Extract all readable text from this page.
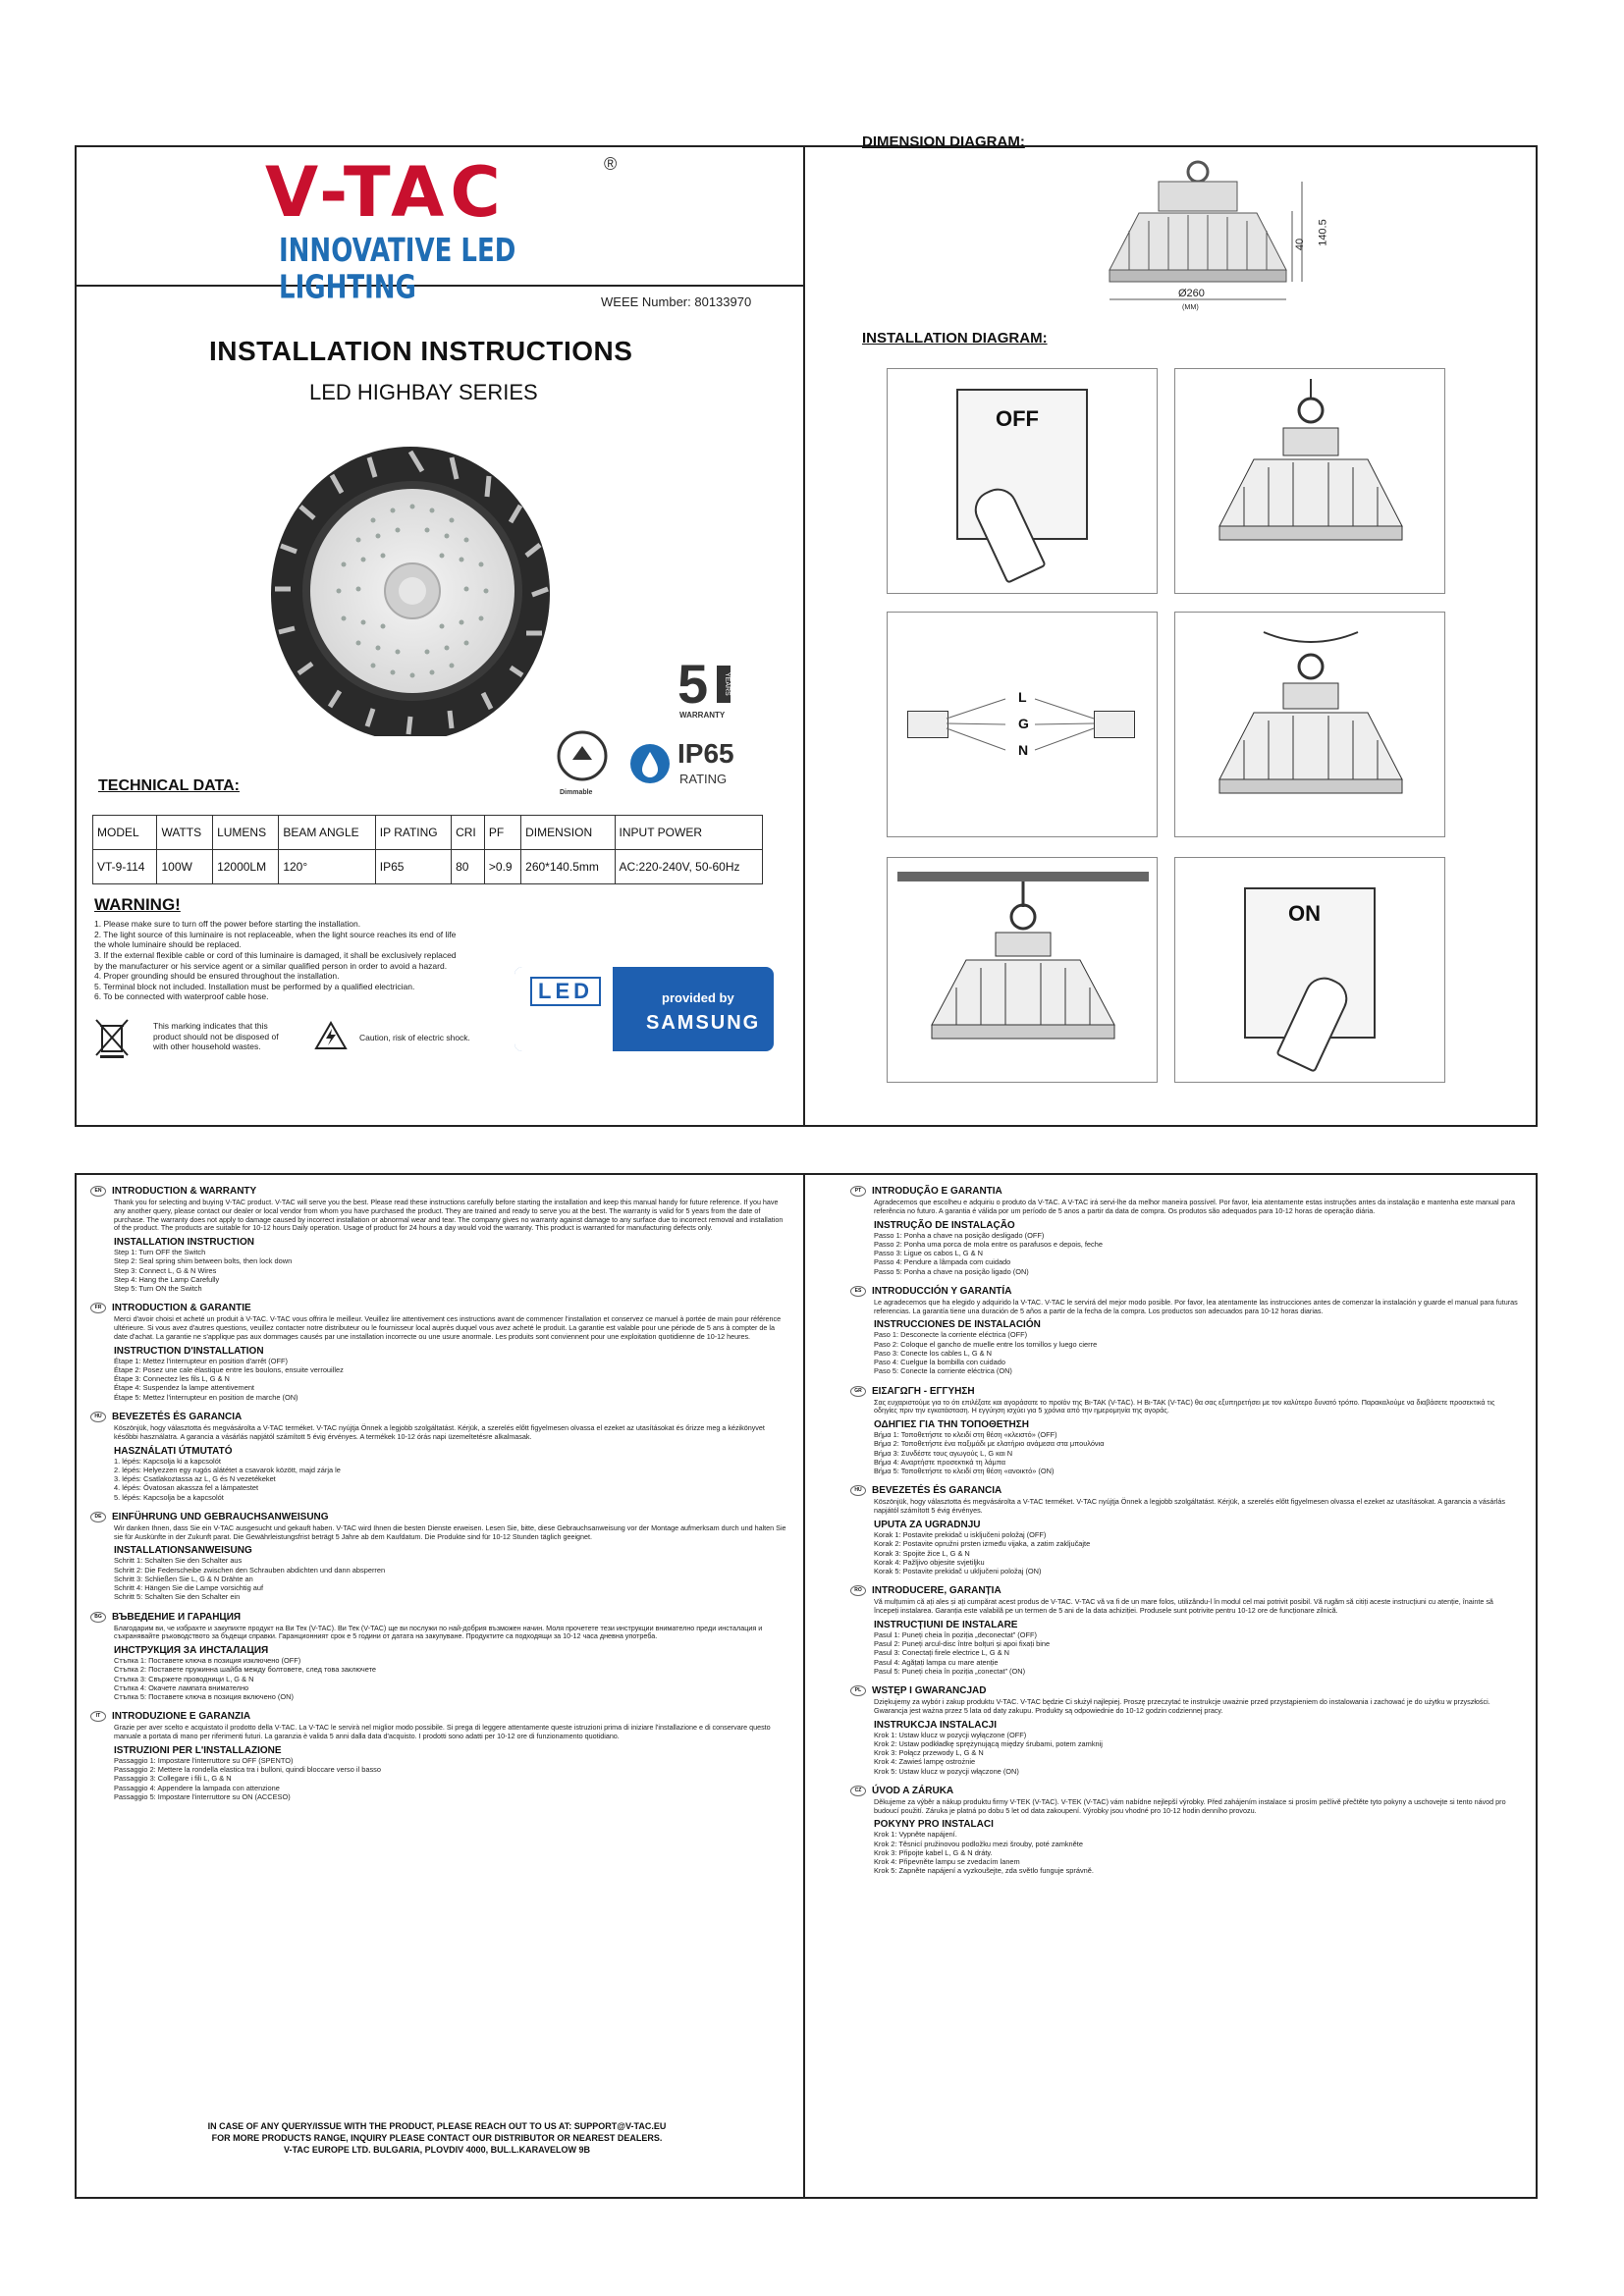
V-TAC	®
INNOVATIVE LED LIGHTING	WEEE Number: 80133970
INSTALLATION INSTRUCTIONS
LED HIGHBAY SERIES
5	YEARS
WARRANTY
Dimmable
IP65
RATING
TECHNICAL DATA:
MODEL	WATTS	LUMENS	BEAM ANGLE	IP RATING	CRI	PF	DIMENSION	INPUT POWER
VT-9-114	100W	12000LM	120°	IP65	80	>0.9	260*140.5mm	AC:220-240V, 50-60Hz
WARNING!
1. Please make sure to turn off the power before starting the installation.
2. The light source of this luminaire is not replaceable, when the light source reaches its end of life
the whole luminaire should be replaced.
3. If the external flexible cable or cord of this luminaire is damaged, it shall be exclusively replaced
by the manufacturer or his service agent or a similar qualified person in order to avoid a hazard.
4. Proper grounding should be ensured throughout the installation.
5. Terminal block not included. Installation must be performed by a qualified electrician.
6. To be connected with waterproof cable hose.
This marking indicates that this product should not be disposed of with other household wastes.
Caution, risk of electric shock.
LED	provided by
SAMSUNG
DIMENSION DIAGRAM:
Ø260
(MM)
140.5
40
INSTALLATION DIAGRAM:
OFF
L
G
N
ON
EN	INTRODUCTION & WARRANTY
Thank you for selecting and buying V-TAC product. V-TAC will serve you the best. Please read these instructions carefully before starting the installation and keep this manual handy for future reference. If you have any another query, please contact our dealer or local vendor from whom you have purchased the product. They are trained and ready to serve you at the best. The warranty is valid for 5 years from the date of purchase. The warranty does not apply to damage caused by incorrect installation or abnormal wear and tear. The company gives no warranty against damage to any surface due to incorrect removal and installation of the product. The products are suitable for 10-12 hours Daily operation. Usage of product for 24 hours a day would void the warranty. This product is warranted for manufacturing defects only.
INSTALLATION INSTRUCTION
Step 1: Turn OFF the Switch
Step 2: Seal spring shim between bolts, then lock down
Step 3: Connect L, G & N Wires
Step 4: Hang the Lamp Carefully
Step 5: Turn ON the Switch
FR	INTRODUCTION & GARANTIE
Merci d'avoir choisi et acheté un produit à V-TAC. V-TAC vous offrira le meilleur. Veuillez lire attentivement ces instructions avant de commencer l'installation et conservez ce manuel à portée de main pour référence ultérieure. Si vous avez d'autres questions, veuillez contacter notre distributeur ou le fournisseur local auprès duquel vous avez acheté le produit. La garantie est valable pour une période de 5 ans à compter de la date d'achat. La garantie ne s'applique pas aux dommages causés par une installation incorrecte ou une usure anormale. Les produits sont conviennent pour une exploitation quotidienne de 10-12 heures.
INSTRUCTION D'INSTALLATION
Étape 1: Mettez l'interrupteur en position d'arrêt (OFF)
Étape 2: Posez une cale élastique entre les boulons, ensuite verrouillez
Étape 3: Connectez les fils L, G & N
Étape 4: Suspendez la lampe attentivement
Étape 5: Mettez l'interrupteur en position de marche (ON)
HU	BEVEZETÉS ÉS GARANCIA
Köszönjük, hogy választotta és megvásárolta a V-TAC terméket. V-TAC nyújtja Önnek a legjobb szolgáltatást. Kérjük, a szerelés előtt figyelmesen olvassa el ezeket az utasításokat és őrizze meg a kézikönyvet későbbi használatra. A garancia a vásárlás napjától számított 5 évig érvényes. A termékek 10-12 órás napi üzemeltetésre alkalmasak.
HASZNÁLATI ÚTMUTATÓ
1. lépés: Kapcsolja ki a kapcsolót
2. lépés: Helyezzen egy rugós alátétet a csavarok között, majd zárja le
3. lépés: Csatlakoztassa az L, G és N vezetékeket
4. lépés: Óvatosan akassza fel a lámpatestet
5. lépés: Kapcsolja be a kapcsolót
DE	EINFÜHRUNG UND GEBRAUCHSANWEISUNG
Wir danken Ihnen, dass Sie ein V-TAC ausgesucht und gekauft haben. V-TAC wird Ihnen die besten Dienste erweisen. Lesen Sie, bitte, diese Gebrauchsanweisung vor der Montage aufmerksam durch und halten Sie sie für Auskünfte in der Zukunft parat. Die Gewährleistungsfrist beträgt 5 Jahre ab dem Kaufdatum. Die Produkte sind für 10-12 Stunden täglich geeignet.
INSTALLATIONSANWEISUNG
Schritt 1: Schalten Sie den Schalter aus
Schritt 2: Die Federscheibe zwischen den Schrauben abdichten und dann absperren
Schritt 3: Schließen Sie L, G & N Drähte an
Schritt 4: Hängen Sie die Lampe vorsichtig auf
Schritt 5: Schalten Sie den Schalter ein
BG	ВЪВЕДЕНИЕ И ГАРАНЦИЯ
Благодарим ви, че избрахте и закупихте продукт на Ви Тек (V-TAC). Ви Тек (V-TAC) ще ви послужи по най-добрия възможен начин. Моля прочетете тези инструкции внимателно преди инсталация и съхранявайте ръководството за бъдещи справки. Гаранционният срок е 5 години от датата на закупуване. Продуктите са подходящи за 10-12 часа дневна употреба.
ИНСТРУКЦИЯ ЗА ИНСТАЛАЦИЯ
Стъпка 1: Поставете ключа в позиция изключено (OFF)
Стъпка 2: Поставете пружинна шайба между болтовете, след това заключете
Стъпка 3: Свържете проводници L, G & N
Стъпка 4: Окачете лампата внимателно
Стъпка 5: Поставете ключа в позиция включено (ON)
IT	INTRODUZIONE E GARANZIA
Grazie per aver scelto e acquistato il prodotto della V-TAC. La V-TAC le servirà nel miglior modo possibile. Si prega di leggere attentamente queste istruzioni prima di iniziare l'installazione e di conservare questo manuale a portata di mano per riferimenti futuri. La garanzia è valida 5 anni dalla data d'acquisto. I prodotti sono adatti per 10-12 ore di funzionamento quotidiano.
ISTRUZIONI PER L'INSTALLAZIONE
Passaggio 1: Impostare l'interruttore su OFF (SPENTO)
Passaggio 2: Mettere la rondella elastica tra i bulloni, quindi bloccare verso il basso
Passaggio 3: Collegare i fili L, G & N
Passaggio 4: Appendere la lampada con attenzione
Passaggio 5: Impostare l'interruttore su ON (ACCESO)
PT	INTRODUÇÃO E GARANTIA
Agradecemos que escolheu e adquiriu o produto da V-TAC. A V-TAC irá servi-lhe da melhor maneira possível. Por favor, leia atentamente estas instruções antes da instalação e mantenha este manual para referência no futuro. A garantia é válida por um período de 5 anos a partir da data de compra. Os produtos são adequados para 10-12 horas de operação diária.
INSTRUÇÃO DE INSTALAÇÃO
Passo 1: Ponha a chave na posição desligado (OFF)
Passo 2: Ponha uma porca de mola entre os parafusos e depois, feche
Passo 3: Ligue os cabos L, G & N
Passo 4: Pendure a lâmpada com cuidado
Passo 5: Ponha a chave na posição ligado (ON)
ES	INTRODUCCIÓN Y GARANTÍA
Le agradecemos que ha elegido y adquirido la V-TAC. V-TAC le servirá del mejor modo posible. Por favor, lea atentamente las instrucciones antes de comenzar la instalación y guarde el manual para futuras referencias. La garantía tiene una duración de 5 años a partir de la fecha de la compra. Los productos son adecuados para 10-12 horas diarias.
INSTRUCCIONES DE INSTALACIÓN
Paso 1: Desconecte la corriente eléctrica (OFF)
Paso 2: Coloque el gancho de muelle entre los tornillos y luego cierre
Paso 3: Conecte los cables L, G & N
Paso 4: Cuelgue la bombilla con cuidado
Paso 5: Conecte la corriente eléctrica (ON)
GR	ΕΙΣΑΓΩΓΗ - ΕΓΓΥΗΣΗ
Σας ευχαριστούμε για το ότι επιλέξατε και αγοράσατε το προϊόν της Βι-ΤΑΚ (V-TAC). Η Βι-ΤΑΚ (V-TAC) θα σας εξυπηρετήσει με τον καλύτερο δυνατό τρόπο. Παρακαλούμε να διαβάσετε προσεκτικά τις οδηγίες πριν την εγκατάσταση. Η εγγύηση ισχύει για 5 χρόνια από την ημερομηνία της αγοράς.
ΟΔΗΓΙΕΣ ΓΙΑ ΤΗΝ ΤΟΠΟΘΕΤΗΣΗ
Βήμα 1: Τοποθετήστε το κλειδί στη θέση «κλειστό» (OFF)
Βήμα 2: Τοποθετήστε ένα παξιμάδι με ελατήριο ανάμεσα στα μπουλόνια
Βήμα 3: Συνδέστε τους αγωγούς L, G και N
Βήμα 4: Αναρτήστε προσεκτικά τη λάμπα
Βήμα 5: Τοποθετήστε το κλειδί στη θέση «ανοικτό» (ON)
HU	BEVEZETÉS ÉS GARANCIA
Köszönjük, hogy választotta és megvásárolta a V-TAC terméket. V-TAC nyújtja Önnek a legjobb szolgáltatást. Kérjük, a szerelés előtt figyelmesen olvassa el ezeket az utasításokat. A garancia a vásárlás napjától számított 5 évig érvényes.
UPUTA ZA UGRADNJU
Korak 1: Postavite prekidač u isključeni položaj (OFF)
Korak 2: Postavite opružni prsten između vijaka, a zatim zaključajte
Korak 3: Spojite žice L, G & N
Korak 4: Pažljivo objesite svjetiljku
Korak 5: Postavite prekidač u uključeni položaj (ON)
RO	INTRODUCERE, GARANȚIA
Vă mulțumim că ați ales și ați cumpărat acest produs de V-TAC. V-TAC vă va fi de un mare folos, utilizându-l în modul cel mai potrivit posibil. Vă rugăm să citiți aceste instrucțiuni cu atenție, înainte să începeți instalarea. Garanția este valabilă pe un termen de 5 ani de la data achiziției. Produsele sunt potrivite pentru 10-12 ore de funcționare zilnică.
INSTRUCȚIUNI DE INSTALARE
Pasul 1: Puneți cheia în poziția „deconectat” (OFF)
Pasul 2: Puneți arcul-disc între bolțuri și apoi fixați bine
Pasul 3: Conectați firele electrice L, G & N
Pasul 4: Agățați lampa cu mare atenție
Pasul 5: Puneți cheia în poziția „conectat” (ON)
PL	WSTĘP I GWARANCJAD
Dziękujemy za wybór i zakup produktu V-TAC. V-TAC będzie Ci służył najlepiej. Proszę przeczytać te instrukcje uważnie przed przystąpieniem do instalowania i zachować je do użytku w przyszłości. Gwarancja jest ważna przez 5 lata od daty zakupu. Produkty są odpowiednie do 10-12 godzin codziennej pracy.
INSTRUKCJA INSTALACJI
Krok 1: Ustaw klucz w pozycji wyłączone (OFF)
Krok 2: Ustaw podkładkę sprężynującą między śrubami, potem zamknij
Krok 3: Połącz przewody L, G & N
Krok 4: Zawieś lampę ostrożnie
Krok 5: Ustaw klucz w pozycji włączone (ON)
CZ	ÚVOD A ZÁRUKA
Děkujeme za výběr a nákup produktu firmy V-TEK (V-TAC). V-TEK (V-TAC) vám nabídne nejlepší výrobky. Před zahájením instalace si prosím pečlivě přečtěte tyto pokyny a uschovejte si tento návod pro budoucí použití. Záruka je platná po dobu 5 let od data zakoupení. Výrobky jsou vhodné pro 10-12 hodin denního provozu.
POKYNY PRO INSTALACI
Krok 1: Vypněte napájení.
Krok 2: Těsnicí pružinovou podložku mezi šrouby, poté zamkněte
Krok 3: Připojte kabel L, G & N dráty.
Krok 4: Připevněte lampu se zvedacím lanem
Krok 5: Zapněte napájení a vyzkoušejte, zda světlo funguje správně.
IN CASE OF ANY QUERY/ISSUE WITH THE PRODUCT, PLEASE REACH OUT TO US AT: SUPPORT@V-TAC.EU
FOR MORE PRODUCTS RANGE, INQUIRY PLEASE CONTACT OUR DISTRIBUTOR OR NEAREST DEALERS.
V-TAC EUROPE LTD. BULGARIA, PLOVDIV 4000, BUL.L.KARAVELOW 9B
